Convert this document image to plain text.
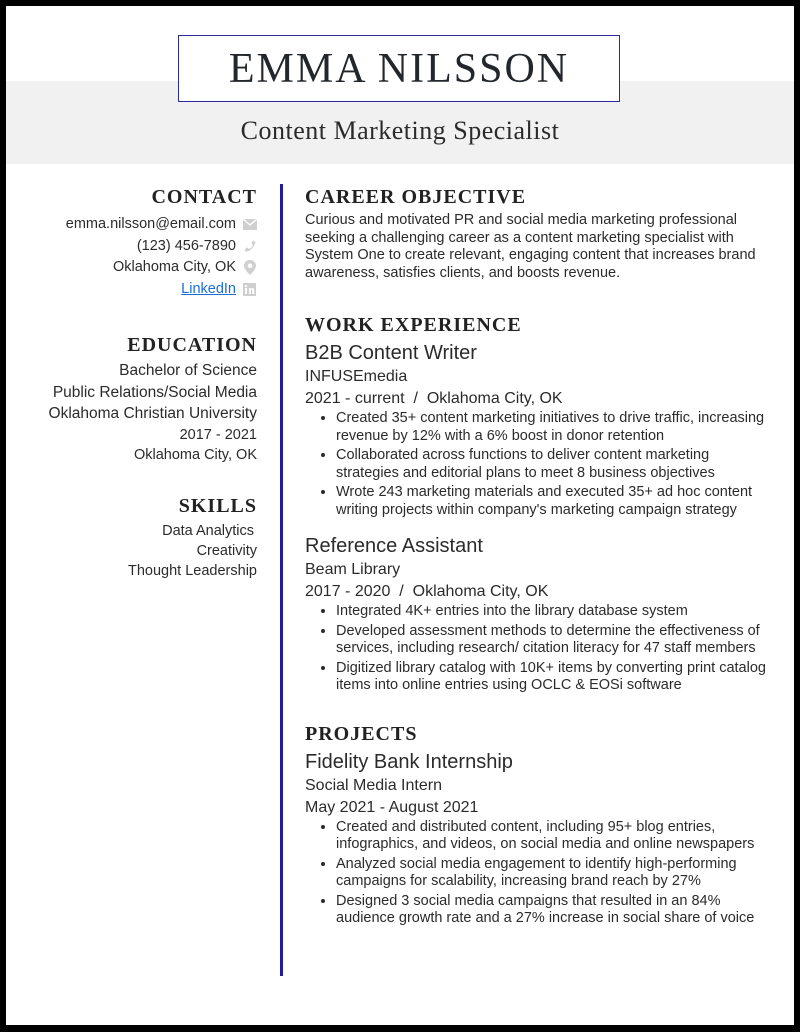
EMMA NILSSON
Content Marketing Specialist
CONTACT
emma.nilsson@email.com
(123) 456-7890
Oklahoma City, OK
LinkedIn
EDUCATION
Bachelor of Science
Public Relations/Social Media
Oklahoma Christian University
2017 - 2021
Oklahoma City, OK
SKILLS
Data Analytics
Creativity
Thought Leadership
CAREER OBJECTIVE

Curious and motivated PR and social media marketing professional seeking a challenging career as a content marketing specialist with System One to create relevant, engaging content that increases brand awareness, satisfies clients, and boosts revenue.

WORK EXPERIENCE
B2B Content Writer
INFUSEmedia
2021 - current  /  Oklahoma City, OK
• Created 35+ content marketing initiatives to drive traffic, increasing revenue by 12% with a 6% boost in donor retention
• Collaborated across functions to deliver content marketing strategies and editorial plans to meet 8 business objectives
• Wrote 243 marketing materials and executed 35+ ad hoc content writing projects within company's marketing campaign strategy
Reference Assistant
Beam Library
2017 - 2020  /  Oklahoma City, OK
• Integrated 4K+ entries into the library database system
• Developed assessment methods to determine the effectiveness of services, including research/ citation literacy for 47 staff members
• Digitized library catalog with 10K+ items by converting print catalog items into online entries using OCLC & EOSi software
PROJECTS
Fidelity Bank Internship
Social Media Intern
May 2021 - August 2021
• Created and distributed content, including 95+ blog entries, infographics, and videos, on social media and online newspapers
• Analyzed social media engagement to identify high-performing campaigns for scalability, increasing brand reach by 27%
• Designed 3 social media campaigns that resulted in an 84% audience growth rate and a 27% increase in social share of voice
